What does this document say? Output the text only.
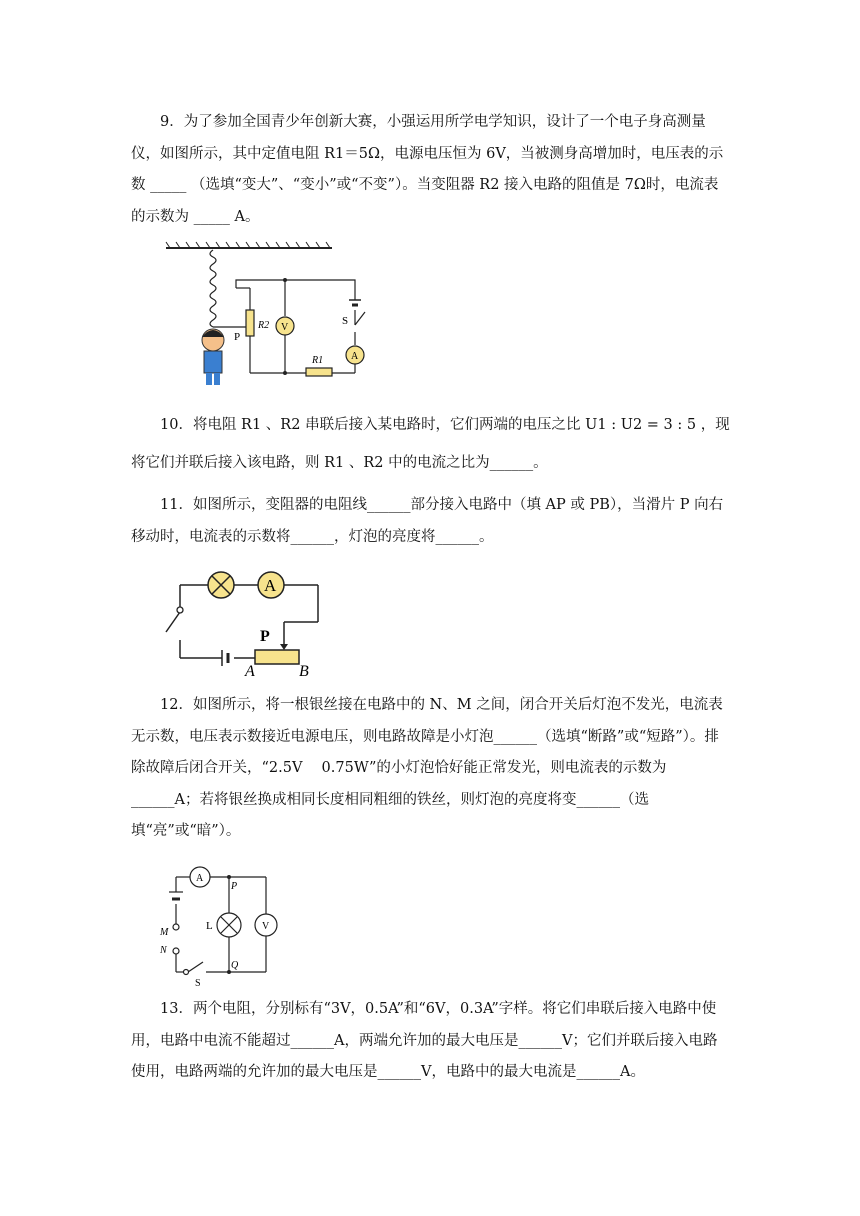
9．为了参加全国青少年创新大赛，小强运用所学电学知识，设计了一个电子身高测量仪，如图所示，其中定值电阻 R1＝5Ω，电源电压恒为 6V，当被测身高增加时，电压表的示数 _____ （选填“变大”、“变小”或“不变”）。当变阻器 R2 接入电路的阻值是 7Ω时，电流表的示数为 _____ A。

R2 V
S
A
R1
P

10．将电阻 R1 、R2 串联后接入某电路时，它们两端的电压之比 U1 : U2 = 3 : 5 ，现将它们并联后接入该电路，则 R1 、R2 中的电流之比为______。

11．如图所示，变阻器的电阻线______部分接入电路中（填 AP 或 PB），当滑片 P 向右移动时，电流表的示数将______，灯泡的亮度将______。

A
P
A	B

12．如图所示，将一根银丝接在电路中的 N、M 之间，闭合开关后灯泡不发光，电流表无示数，电压表示数接近电源电压，则电路故障是小灯泡______（选填“断路”或“短路”）。排除故障后闭合开关，“2.5V　 0.75W”的小灯泡恰好能正常发光，则电流表的示数为______A；若将银丝换成相同长度相同粗细的铁丝，则灯泡的亮度将变______（选填“亮”或“暗”）。

A
P
L	V
M
N
Q
S

13．两个电阻，分别标有“3V，0.5A”和“6V，0.3A”字样。将它们串联后接入电路中使用，电路中电流不能超过______A，两端允许加的最大电压是______V；它们并联后接入电路使用，电路两端的允许加的最大电压是______V，电路中的最大电流是______A。
